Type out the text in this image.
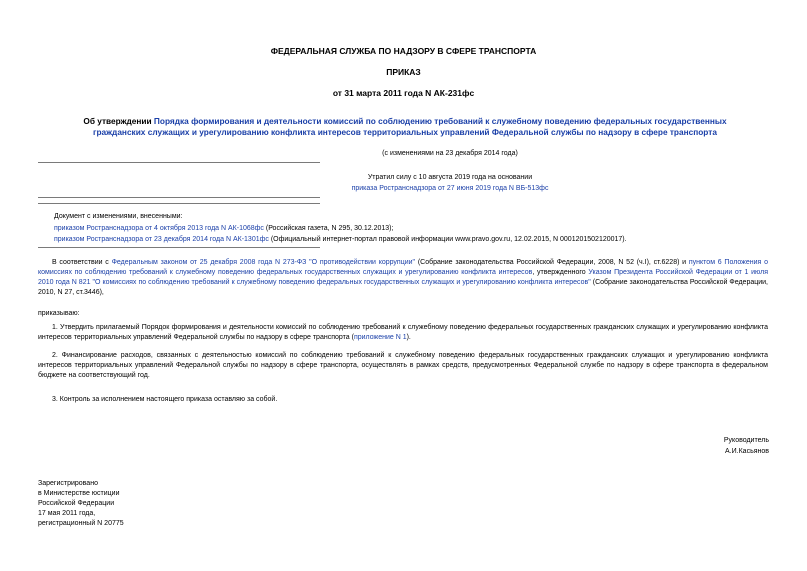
ФЕДЕРАЛЬНАЯ СЛУЖБА ПО НАДЗОРУ В СФЕРЕ ТРАНСПОРТА
ПРИКАЗ
от 31 марта 2011 года N АК-231фс
Об утверждении Порядка формирования и деятельности комиссий по соблюдению требований к служебному поведению федеральных государственных
гражданских служащих и урегулированию конфликта интересов территориальных управлений Федеральной службы по надзору в сфере транспорта
(с изменениями на 23 декабря 2014 года)
Утратил силу с 10 августа 2019 года на основании
приказа Ространснадзора от 27 июня 2019 года N ВБ-513фс
Документ с изменениями, внесенными:
приказом Ространснадзора от 4 октября 2013 года N АК-1068фс (Российская газета, N 295, 30.12.2013);
приказом Ространснадзора от 23 декабря 2014 года N АК-1301фс (Официальный интернет-портал правовой информации www.pravo.gov.ru, 12.02.2015, N 0001201502120017).
В соответствии с Федеральным законом от 25 декабря 2008 года N 273-ФЗ "О противодействии коррупции" (Собрание законодательства Российской Федерации, 2008, N 52 (ч.I), ст.6228) и пунктом 6 Положения о комиссиях по соблюдению требований к служебному поведению федеральных государственных служащих и урегулированию конфликта интересов, утвержденного Указом Президента Российской Федерации от 1 июля 2010 года N 821 "О комиссиях по соблюдению требований к служебному поведению федеральных государственных служащих и урегулированию конфликта интересов" (Собрание законодательства Российской Федерации, 2010, N 27, ст.3446),
приказываю:
1. Утвердить прилагаемый Порядок формирования и деятельности комиссий по соблюдению требований к служебному поведению федеральных государственных гражданских служащих и урегулированию конфликта интересов территориальных управлений Федеральной службы по надзору в сфере транспорта (приложение N 1).
2. Финансирование расходов, связанных с деятельностью комиссий по соблюдению требований к служебному поведению федеральных государственных гражданских служащих и урегулированию конфликта интересов территориальных управлений Федеральной службы по надзору в сфере транспорта, осуществлять в рамках средств, предусмотренных Федеральной службе по надзору в сфере транспорта в федеральном бюджете на соответствующий год.
3. Контроль за исполнением настоящего приказа оставляю за собой.
Руководитель
А.И.Касьянов
Зарегистрировано
в Министерстве юстиции
Российской Федерации
17 мая 2011 года,
регистрационный N 20775
